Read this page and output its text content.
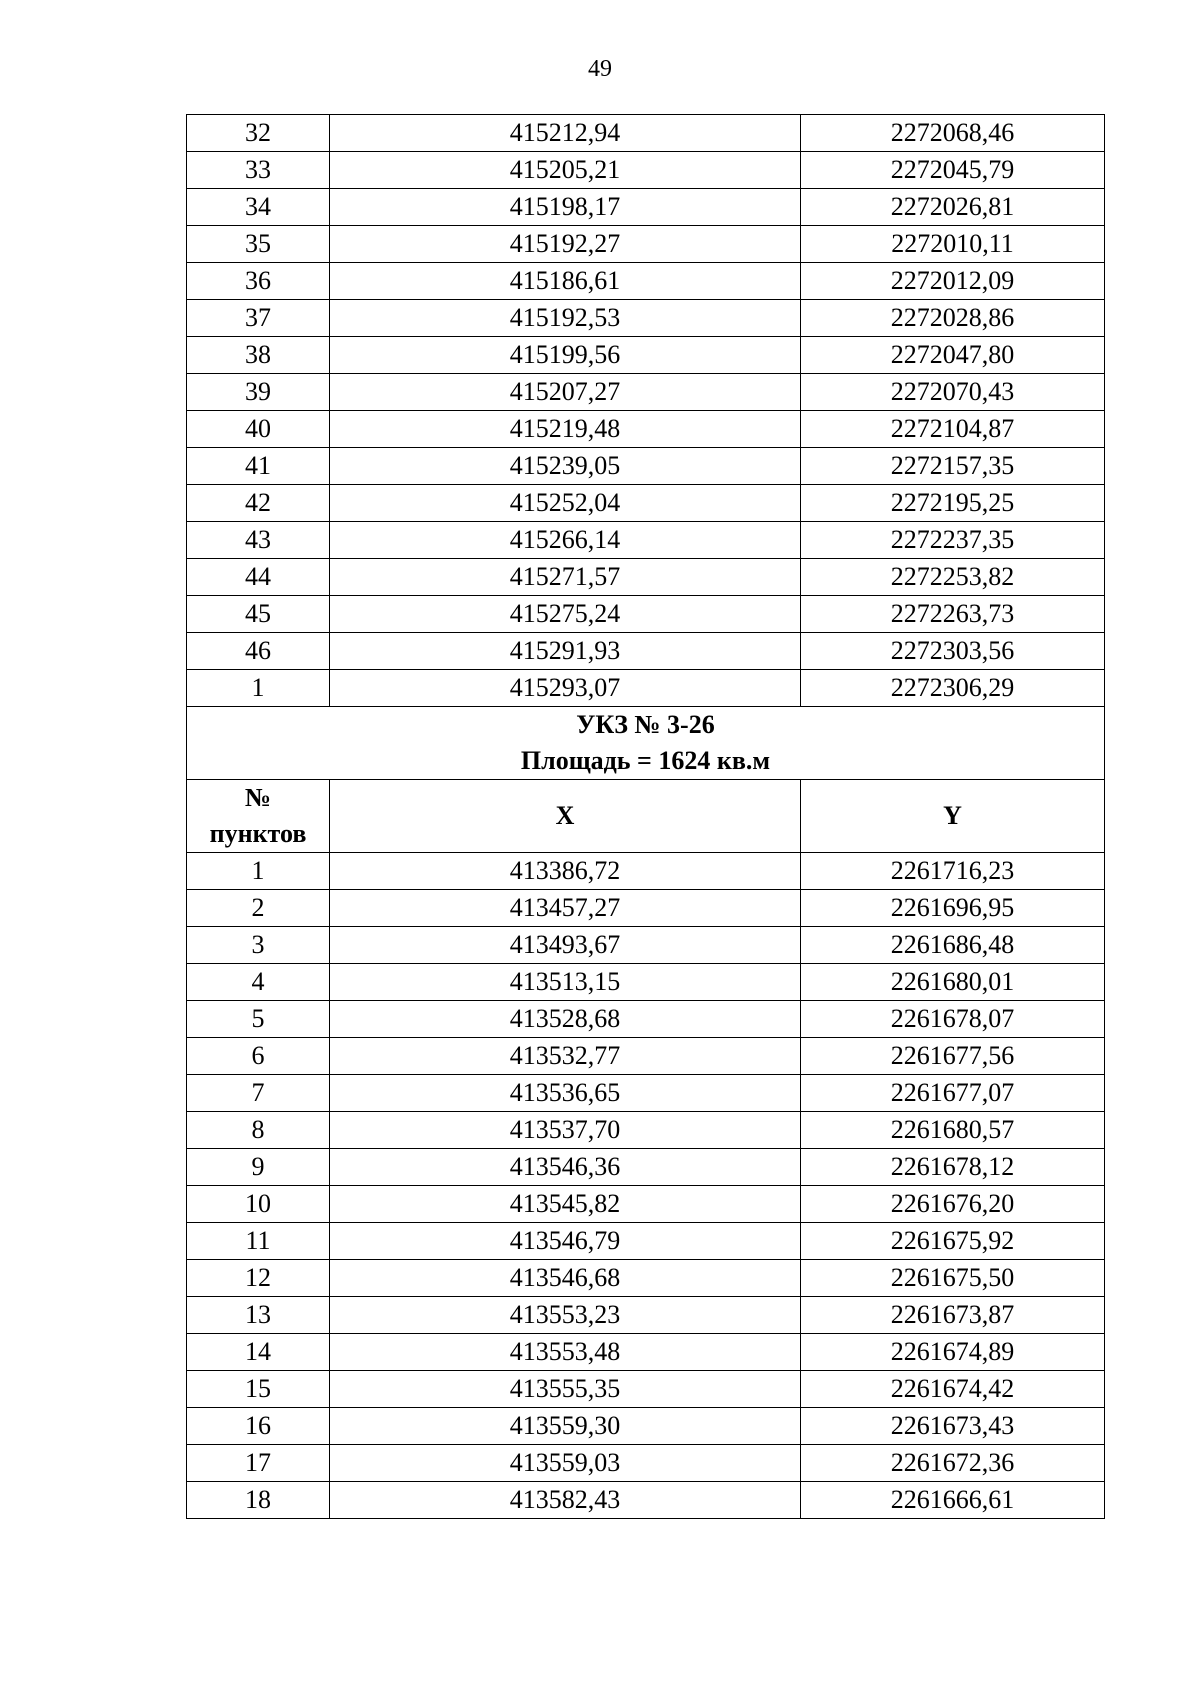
49
32	415212,94	2272068,46
33	415205,21	2272045,79
34	415198,17	2272026,81
35	415192,27	2272010,11
36	415186,61	2272012,09
37	415192,53	2272028,86
38	415199,56	2272047,80
39	415207,27	2272070,43
40	415219,48	2272104,87
41	415239,05	2272157,35
42	415252,04	2272195,25
43	415266,14	2272237,35
44	415271,57	2272253,82
45	415275,24	2272263,73
46	415291,93	2272303,56
1	415293,07	2272306,29

УКЗ № 3-26
Площадь = 1624 кв.м		

№
пунктов	X	Y
1	413386,72	2261716,23
2	413457,27	2261696,95
3	413493,67	2261686,48
4	413513,15	2261680,01
5	413528,68	2261678,07
6	413532,77	2261677,56
7	413536,65	2261677,07
8	413537,70	2261680,57
9	413546,36	2261678,12
10	413545,82	2261676,20
11	413546,79	2261675,92
12	413546,68	2261675,50
13	413553,23	2261673,87
14	413553,48	2261674,89
15	413555,35	2261674,42
16	413559,30	2261673,43
17	413559,03	2261672,36
18	413582,43	2261666,61
